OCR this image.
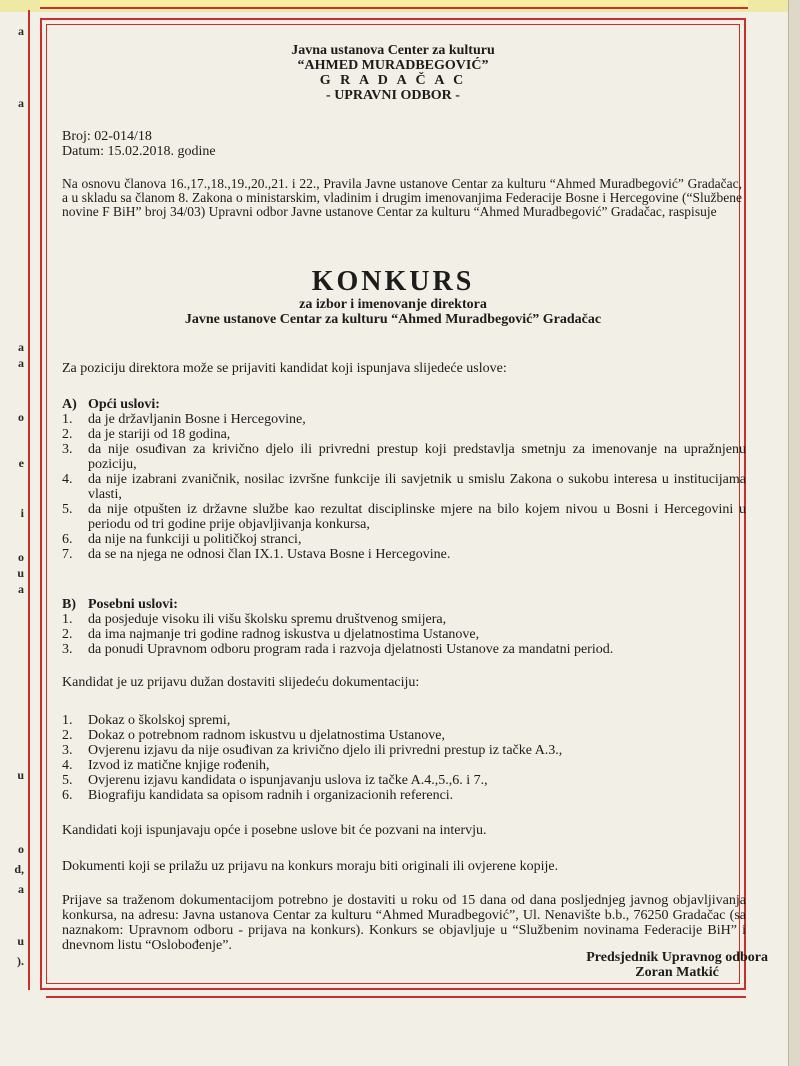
a
a
a
a
o
e
i
o
u
a
u
o
d,
a
u
).
Javna ustanova Center za kulturu
“AHMED MURADBEGOVIĆ”
G R A D A Č A C
- UPRAVNI ODBOR -
Broj: 02-014/18
Datum: 15.02.2018. godine
Na osnovu članova 16.,17.,18.,19.,20.,21. i 22., Pravila Javne ustanove Centar za kulturu “Ahmed Muradbegović” Gradačac, a u skladu sa članom 8. Zakona o ministarskim, vladinim i drugim imenovanjima Federacije Bosne i Hercegovine (“Službene novine F BiH” broj 34/03) Upravni odbor Javne ustanove Centar za kulturu “Ahmed Muradbegović” Gradačac, raspisuje
KONKURS
za izbor i imenovanje direktora
Javne ustanove Centar za kulturu “Ahmed Muradbegović” Gradačac
Za poziciju direktora može se prijaviti kandidat koji ispunjava slijedeće uslove:
A) Opći uslovi:
1. da je državljanin Bosne i Hercegovine,
2. da je stariji od 18 godina,
3. da nije osuđivan za krivično djelo ili privredni prestup koji predstavlja smetnju za imenovanje na upražnjenu poziciju,
4. da nije izabrani zvaničnik, nosilac izvršne funkcije ili savjetnik u smislu Zakona o sukobu interesa u institucijama vlasti,
5. da nije otpušten iz državne službe kao rezultat disciplinske mjere na bilo kojem nivou u Bosni i Hercegovini u periodu od tri godine prije objavljivanja konkursa,
6. da nije na funkciji u političkoj stranci,
7. da se na njega ne odnosi član IX.1. Ustava Bosne i Hercegovine.
B) Posebni uslovi:
1. da posjeduje visoku ili višu školsku spremu društvenog smijera,
2. da ima najmanje tri godine radnog iskustva u djelatnostima Ustanove,
3. da ponudi Upravnom odboru program rada i razvoja djelatnosti Ustanove za mandatni period.
Kandidat je uz prijavu dužan dostaviti slijedeću dokumentaciju:
1. Dokaz o školskoj spremi,
2. Dokaz o potrebnom radnom iskustvu u djelatnostima Ustanove,
3. Ovjerenu izjavu da nije osuđivan za krivično djelo ili privredni prestup iz tačke A.3.,
4. Izvod iz matične knjige rođenih,
5. Ovjerenu izjavu kandidata o ispunjavanju uslova iz tačke A.4.,5.,6. i 7.,
6. Biografiju kandidata sa opisom radnih i organizacionih referenci.
Kandidati koji ispunjavaju opće i posebne uslove bit će pozvani na intervju.
Dokumenti koji se prilažu uz prijavu na konkurs moraju biti originali ili ovjerene kopije.
Prijave sa traženom dokumentacijom potrebno je dostaviti u roku od 15 dana od dana posljednjeg javnog objavljivanja konkursa, na adresu: Javna ustanova Centar za kulturu “Ahmed Muradbegović”, Ul. Nenavište b.b., 76250 Gradačac (sa naznakom: Upravnom odboru - prijava na konkurs). Konkurs se objavljuje u “Službenim novinama Federacije BiH” i dnevnom listu “Oslobođenje”.
Predsjednik Upravnog odbora
Zoran Matkić
